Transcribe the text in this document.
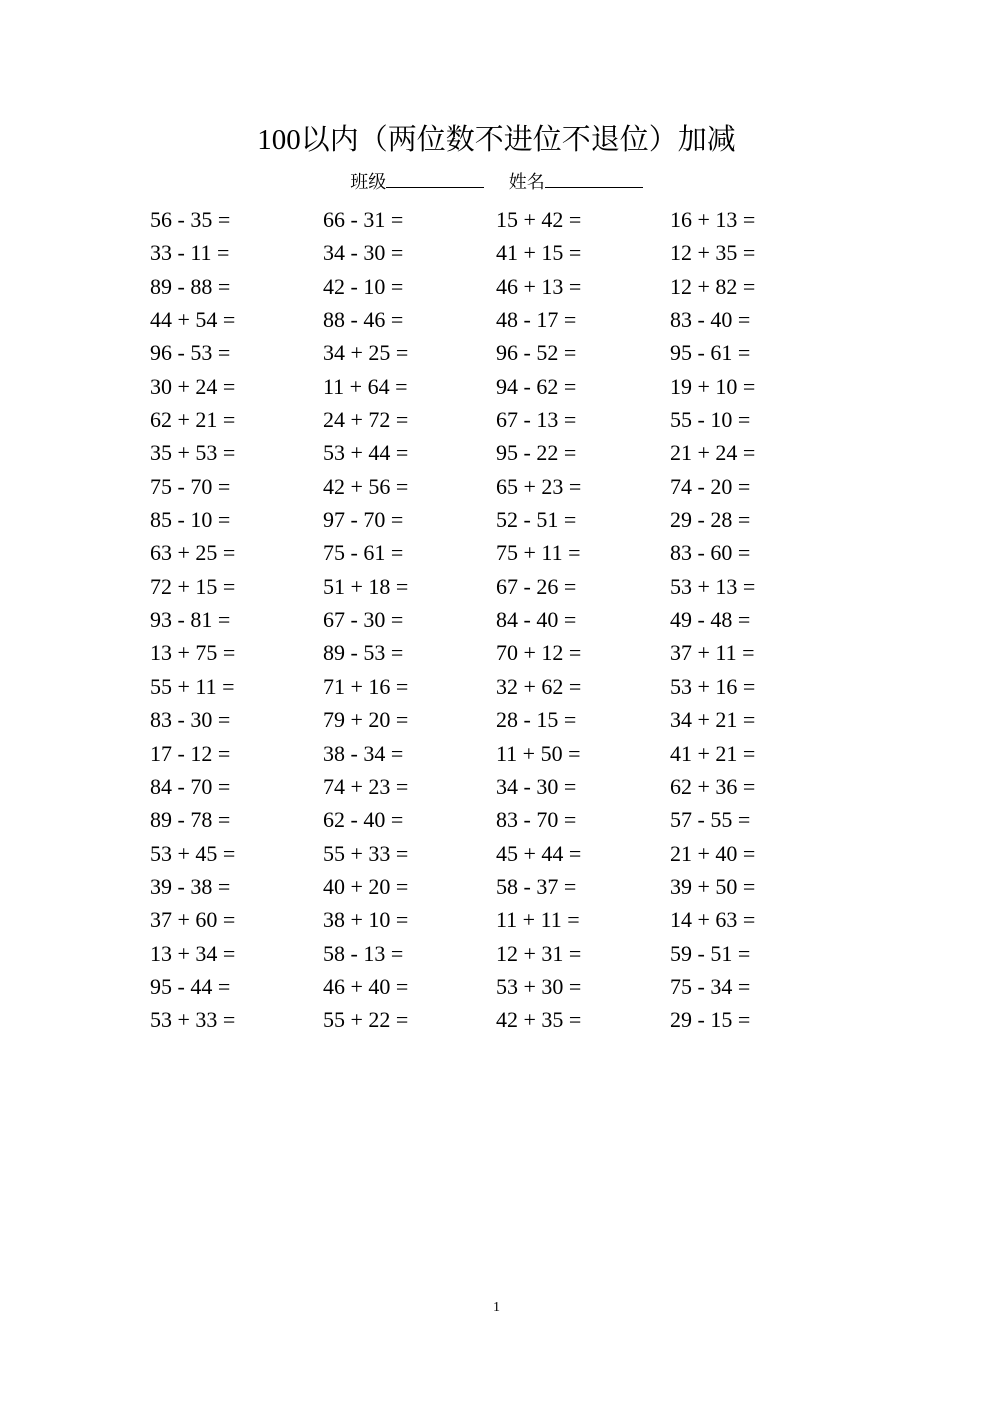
100以内（两位数不进位不退位）加减
班级	姓名
56 - 35 =	66 - 31 =	15 + 42 =	16 + 13 =
33 - 11 =	34 - 30 =	41 + 15 =	12 + 35 =
89 - 88 =	42 - 10 =	46 + 13 =	12 + 82 =
44 + 54 =	88 - 46 =	48 - 17 =	83 - 40 =
96 - 53 =	34 + 25 =	96 - 52 =	95 - 61 =
30 + 24 =	11 + 64 =	94 - 62 =	19 + 10 =
62 + 21 =	24 + 72 =	67 - 13 =	55 - 10 =
35 + 53 =	53 + 44 =	95 - 22 =	21 + 24 =
75 - 70 =	42 + 56 =	65 + 23 =	74 - 20 =
85 - 10 =	97 - 70 =	52 - 51 =	29 - 28 =
63 + 25 =	75 - 61 =	75 + 11 =	83 - 60 =
72 + 15 =	51 + 18 =	67 - 26 =	53 + 13 =
93 - 81 =	67 - 30 =	84 - 40 =	49 - 48 =
13 + 75 =	89 - 53 =	70 + 12 =	37 + 11 =
55 + 11 =	71 + 16 =	32 + 62 =	53 + 16 =
83 - 30 =	79 + 20 =	28 - 15 =	34 + 21 =
17 - 12 =	38 - 34 =	11 + 50 =	41 + 21 =
84 - 70 =	74 + 23 =	34 - 30 =	62 + 36 =
89 - 78 =	62 - 40 =	83 - 70 =	57 - 55 =
53 + 45 =	55 + 33 =	45 + 44 =	21 + 40 =
39 - 38 =	40 + 20 =	58 - 37 =	39 + 50 =
37 + 60 =	38 + 10 =	11 + 11 =	14 + 63 =
13 + 34 =	58 - 13 =	12 + 31 =	59 - 51 =
95 - 44 =	46 + 40 =	53 + 30 =	75 - 34 =
53 + 33 =	55 + 22 =	42 + 35 =	29 - 15 =
1
